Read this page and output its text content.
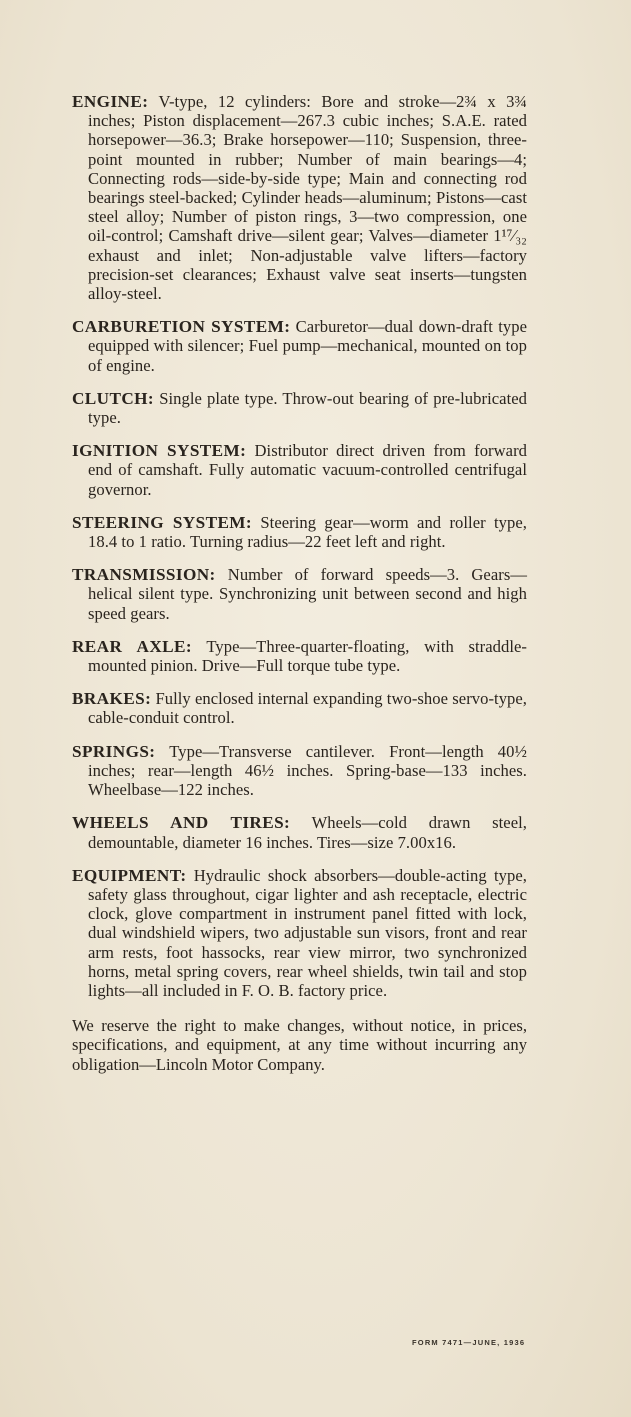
ENGINE: V-type, 12 cylinders: Bore and stroke—2¾ x 3¾ inches; Piston displacement—267.3 cubic inches; S.A.E. rated horsepower—36.3; Brake horsepower—110; Suspension, three-point mounted in rubber; Number of main bearings—4; Connecting rods—side-by-side type; Main and connecting rod bearings steel-backed; Cylinder heads—aluminum; Pistons—cast steel alloy; Number of piston rings, 3—two compression, one oil-control; Camshaft drive—silent gear; Valves—diameter 1¹⁷⁄₃₂ exhaust and inlet; Non-adjustable valve lifters—factory precision-set clearances; Exhaust valve seat inserts—tungsten alloy-steel.

CARBURETION SYSTEM: Carburetor—dual down-draft type equipped with silencer; Fuel pump—mechanical, mounted on top of engine.

CLUTCH: Single plate type. Throw-out bearing of pre-lubricated type.

IGNITION SYSTEM: Distributor direct driven from forward end of camshaft. Fully automatic vacuum-controlled centrifugal governor.

STEERING SYSTEM: Steering gear—worm and roller type, 18.4 to 1 ratio. Turning radius—22 feet left and right.

TRANSMISSION: Number of forward speeds—3. Gears—helical silent type. Synchronizing unit between second and high speed gears.

REAR AXLE: Type—Three-quarter-floating, with straddle-mounted pinion. Drive—Full torque tube type.

BRAKES: Fully enclosed internal expanding two-shoe servo-type, cable-conduit control.

SPRINGS: Type—Transverse cantilever. Front—length 40½ inches; rear—length 46½ inches. Spring-base—133 inches. Wheelbase—122 inches.

WHEELS AND TIRES: Wheels—cold drawn steel, demountable, diameter 16 inches. Tires—size 7.00x16.

EQUIPMENT: Hydraulic shock absorbers—double-acting type, safety glass throughout, cigar lighter and ash receptacle, electric clock, glove compartment in instrument panel fitted with lock, dual windshield wipers, two adjustable sun visors, front and rear arm rests, foot hassocks, rear view mirror, two synchronized horns, metal spring covers, rear wheel shields, twin tail and stop lights—all included in F. O. B. factory price.

We reserve the right to make changes, without notice, in prices, specifications, and equipment, at any time without incurring any obligation—Lincoln Motor Company.

FORM 7471—JUNE, 1936
